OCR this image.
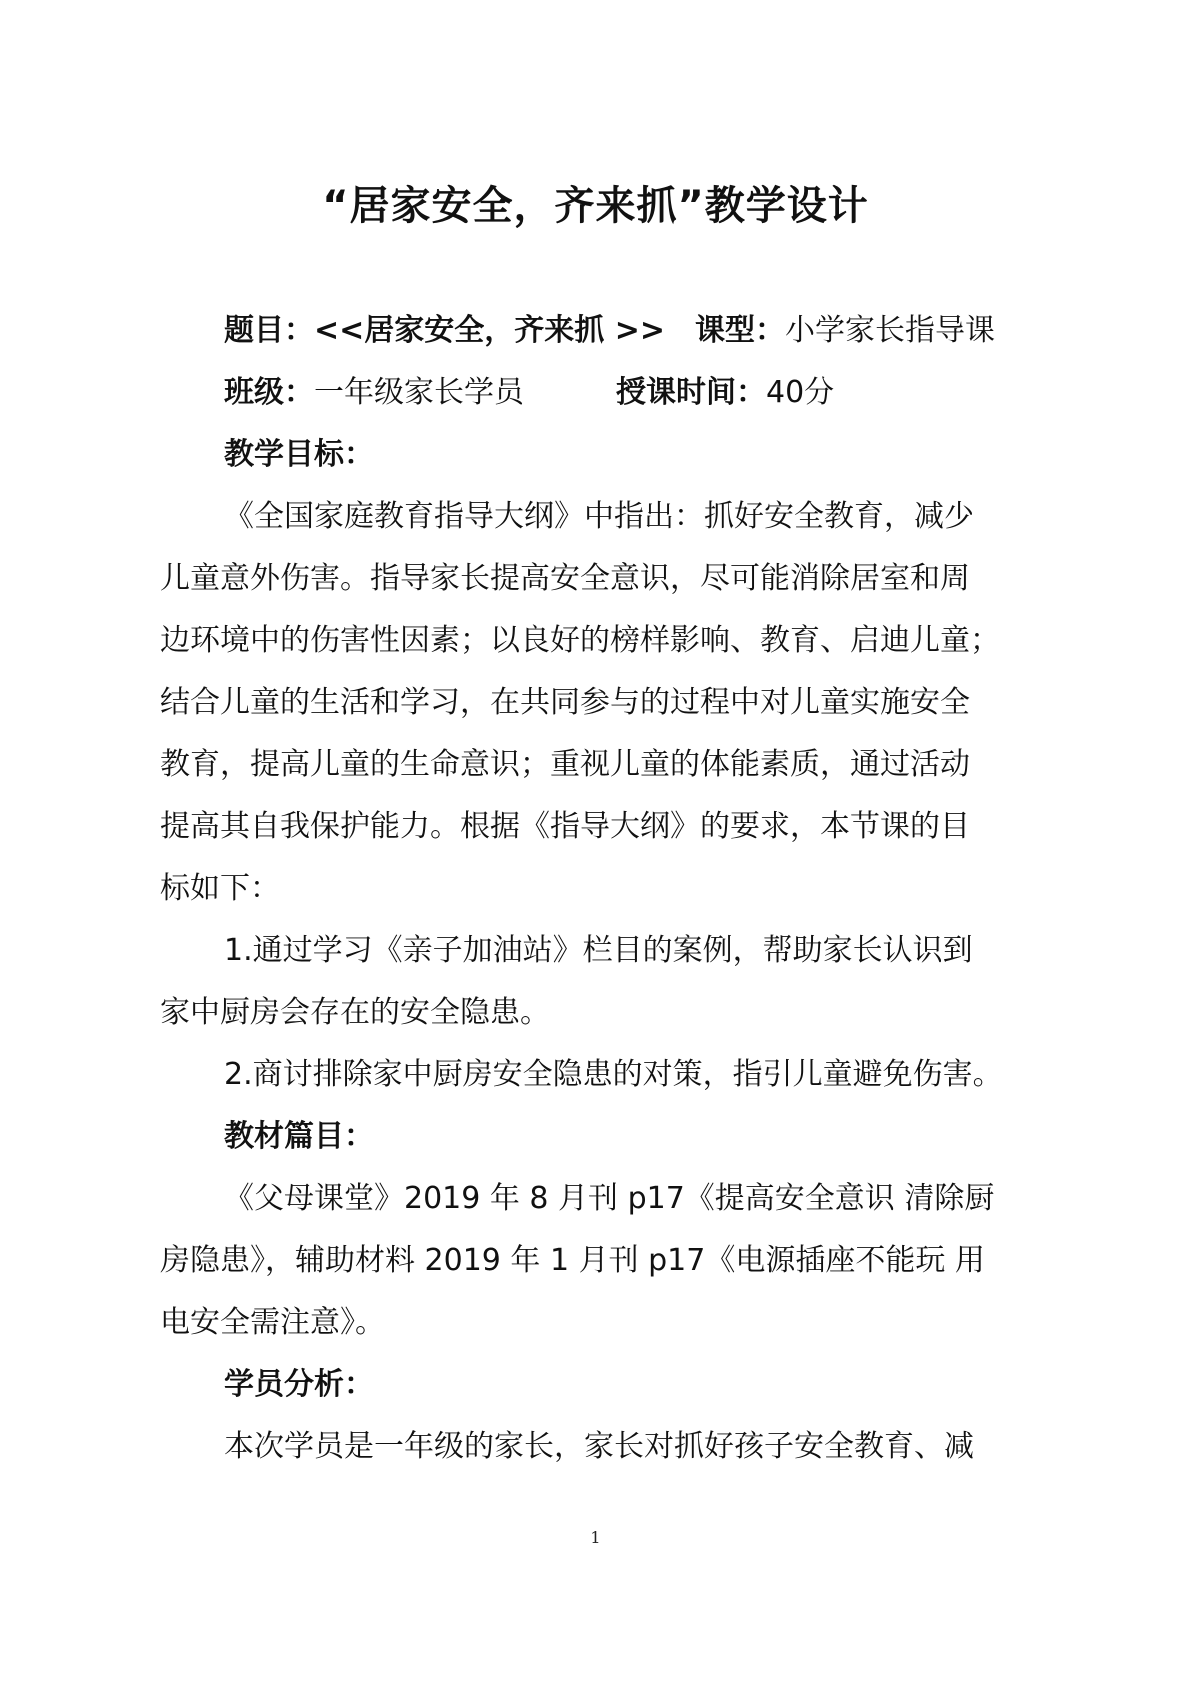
“居家安全，齐来抓”教学设计
题目：<<居家安全，齐来抓 >> 课型：小学家长指导课
班级：一年级家长学员	授课时间：40分
教学目标：
《全国家庭教育指导大纲》中指出：抓好安全教育，减少
儿童意外伤害。指导家长提高安全意识，尽可能消除居室和周
边环境中的伤害性因素；以良好的榜样影响、教育、启迪儿童；
结合儿童的生活和学习，在共同参与的过程中对儿童实施安全
教育，提高儿童的生命意识；重视儿童的体能素质，通过活动
提高其自我保护能力。根据《指导大纲》的要求，本节课的目
标如下：
1.通过学习《亲子加油站》栏目的案例，帮助家长认识到
家中厨房会存在的安全隐患。
2.商讨排除家中厨房安全隐患的对策，指引儿童避免伤害。
教材篇目：
《父母课堂》2019 年 8 月刊 p17《提高安全意识 清除厨
房隐患》，辅助材料 2019 年 1 月刊 p17《电源插座不能玩 用
电安全需注意》。
学员分析：
本次学员是一年级的家长，家长对抓好孩子安全教育、减
1
